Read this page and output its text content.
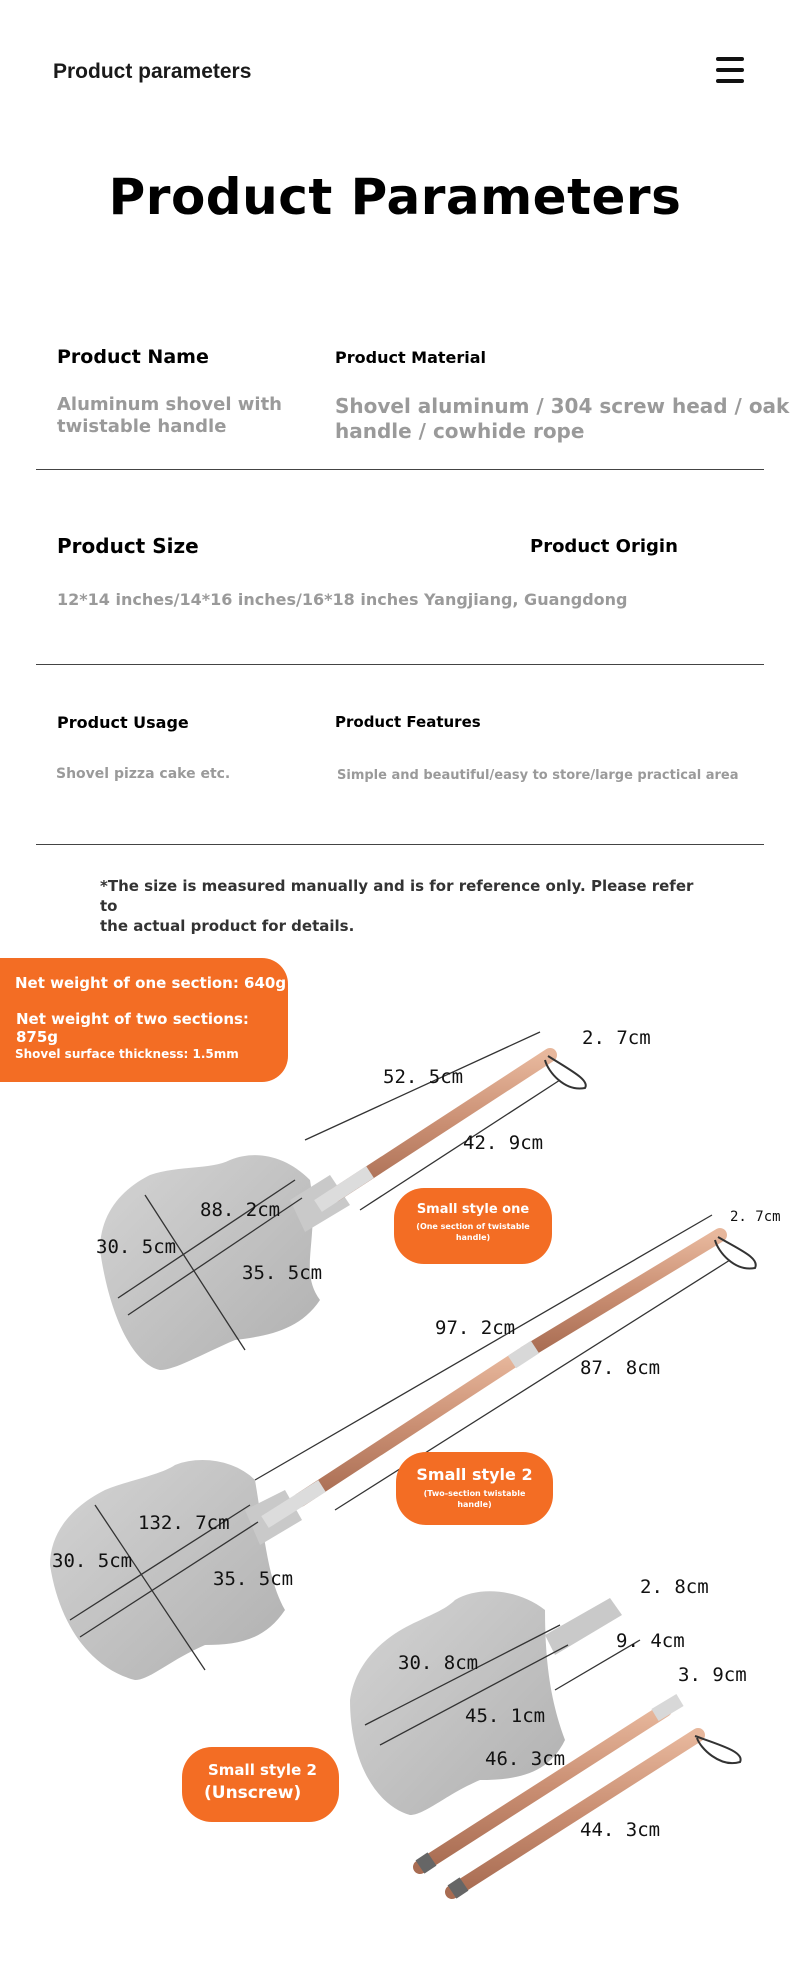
Product parameters
Product Parameters
Product Name
Aluminum shovel with
twistable handle
Product Material
Shovel aluminum / 304 screw head / oak
handle / cowhide rope
Product Size	Product Origin
12*14 inches/14*16 inches/16*18 inches Yangjiang, Guangdong
Product Usage	Product Features
Shovel pizza cake etc.	Simple and beautiful/easy to store/large practical area
*The size is measured manually and is for reference only. Please refer to
the actual product for details.
Net weight of one section: 640g
Net weight of two sections: 875g
Shovel surface thickness: 1.5mm
Small style one
(One section of twistable
handle)
Small style 2
(Two-section twistable
handle)
Small style 2
(Unscrew)
2. 7cm
52. 5cm
42. 9cm
88. 2cm
30. 5cm
35. 5cm
2. 7cm
97. 2cm
87. 8cm
132. 7cm
30. 5cm
35. 5cm	2. 8cm
9. 4cm
30. 8cm
45. 1cm
3. 9cm
46. 3cm
44. 3cm
